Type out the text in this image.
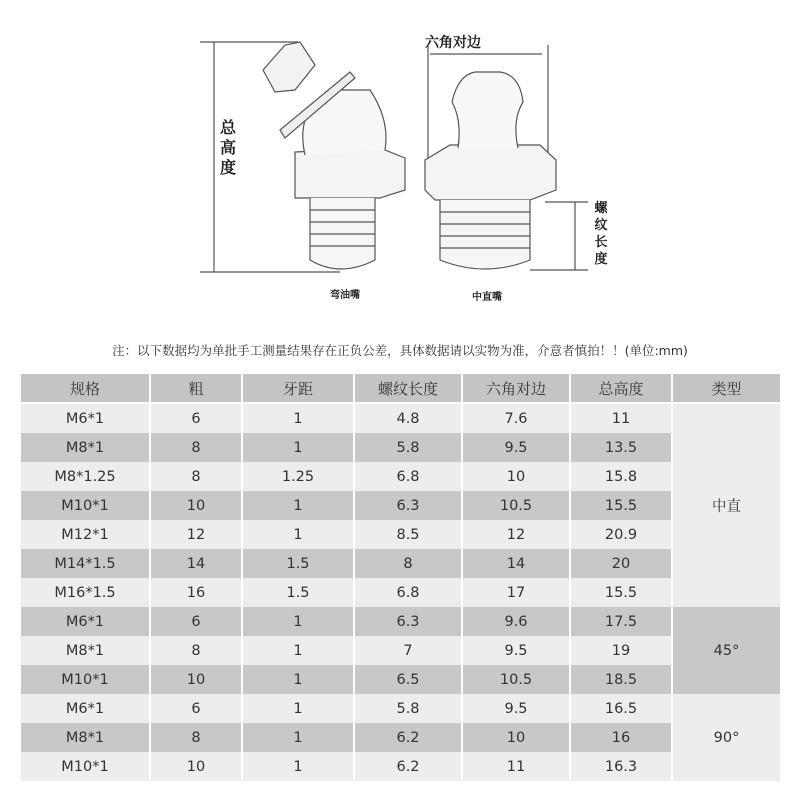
总高度
六角对边
螺纹长度
弯油嘴	中直嘴
注：以下数据均为单批手工测量结果存在正负公差，具体数据请以实物为准，介意者慎拍！！(单位:mm)
规格	粗	牙距	螺纹长度	六角对边	总高度	类型
M6*1	6	1	4.8	7.6	11	中直
M8*1	8	1	5.8	9.5	13.5	
M8*1.25	8	1.25	6.8	10	15.8	
M10*1	10	1	6.3	10.5	15.5	
M12*1	12	1	8.5	12	20.9	
M14*1.5	14	1.5	8	14	20	
M16*1.5	16	1.5	6.8	17	15.5	
M6*1	6	1	6.3	9.6	17.5	45°
M8*1	8	1	7	9.5	19	
M10*1	10	1	6.5	10.5	18.5	
M6*1	6	1	5.8	9.5	16.5	90°
M8*1	8	1	6.2	10	16	
M10*1	10	1	6.2	11	16.3	
